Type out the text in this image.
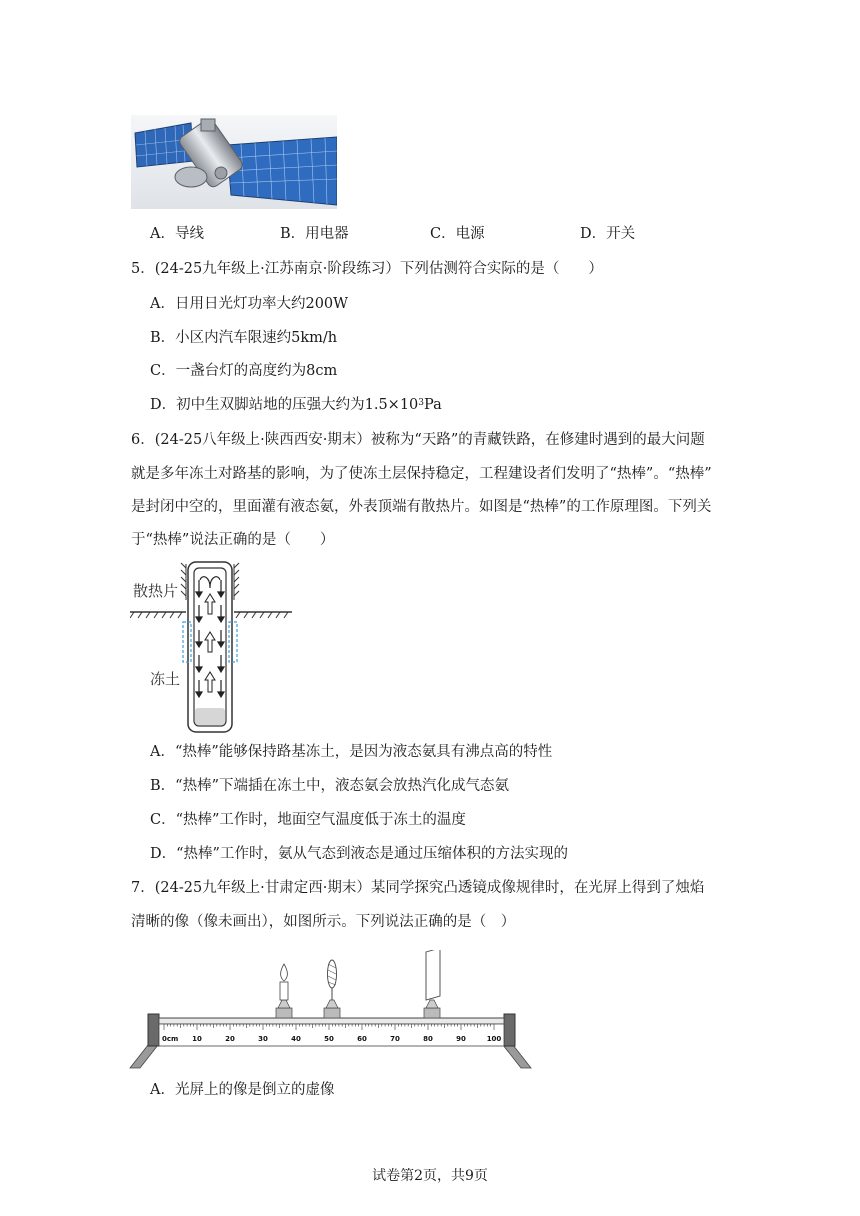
A．导线	B．用电器	C．电源	D．开关
5．(24-25九年级上·江苏南京·阶段练习）下列估测符合实际的是（　　）
A．日用日光灯功率大约200W
B．小区内汽车限速约5km/h
C．一盏台灯的高度约为8cm
D．初中生双脚站地的压强大约为$1.5\times 10^3Pa$
6．(24-25八年级上·陕西西安·期末）被称为“天路”的青藏铁路，在修建时遇到的最大问题
就是多年冻土对路基的影响，为了使冻土层保持稳定，工程建设者们发明了“热棒”。“热棒”
是封闭中空的，里面灌有液态氨，外表顶端有散热片。如图是“热棒”的工作原理图。下列关
于“热棒”说法正确的是（　　）
散热片
冻土
A．“热棒”能够保持路基冻土，是因为液态氨具有沸点高的特性
B．“热棒”下端插在冻土中，液态氨会放热汽化成气态氨
C．“热棒”工作时，地面空气温度低于冻土的温度
D．“热棒”工作时，氨从气态到液态是通过压缩体积的方法实现的
7．(24-25九年级上·甘肃定西·期末）某同学探究凸透镜成像规律时，在光屏上得到了烛焰
清晰的像（像未画出），如图所示。下列说法正确的是（　）
0cm 10	20	30	40	50	60	70	80	90	100
A．光屏上的像是倒立的虚像
试卷第2页，共9页
